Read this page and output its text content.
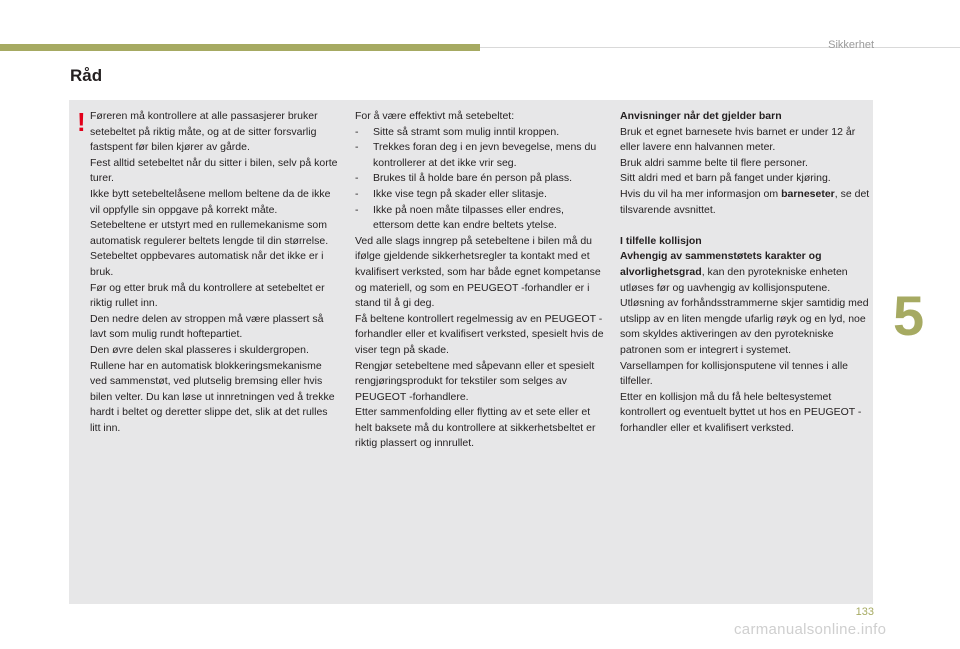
Sikkerhet
Råd
! Føreren må kontrollere at alle passasjerer bruker setebeltet på riktig måte, og at de sitter forsvarlig fastspent før bilen kjører av gårde.

Fest alltid setebeltet når du sitter i bilen, selv på korte turer.

Ikke bytt setebeltelåsene mellom beltene da de ikke vil oppfylle sin oppgave på korrekt måte.

Setebeltene er utstyrt med en rullemekanisme som automatisk regulerer beltets lengde til din størrelse. Setebeltet oppbevares automatisk når det ikke er i bruk.

Før og etter bruk må du kontrollere at setebeltet er riktig rullet inn.

Den nedre delen av stroppen må være plassert så lavt som mulig rundt hoftepartiet.

Den øvre delen skal plasseres i skuldergropen.

Rullene har en automatisk blokkeringsmekanisme ved sammenstøt, ved plutselig bremsing eller hvis bilen velter. Du kan løse ut innretningen ved å trekke hardt i beltet og deretter slippe det, slik at det rulles litt inn.

For å være effektivt må setebeltet:

- Sitte så stramt som mulig inntil kroppen.
- Trekkes foran deg i en jevn bevegelse, mens du kontrollerer at det ikke vrir seg.
- Brukes til å holde bare én person på plass.
- Ikke vise tegn på skader eller slitasje.
- Ikke på noen måte tilpasses eller endres, ettersom dette kan endre beltets ytelse.

Ved alle slags inngrep på setebeltene i bilen må du ifølge gjeldende sikkerhetsregler ta kontakt med et kvalifisert verksted, som har både egnet kompetanse og materiell, og som en PEUGEOT -forhandler er i stand til å gi deg.

Få beltene kontrollert regelmessig av en PEUGEOT -forhandler eller et kvalifisert verksted, spesielt hvis de viser tegn på skade.

Rengjør setebeltene med såpevann eller et spesielt rengjøringsprodukt for tekstiler som selges av PEUGEOT -forhandlere.

Etter sammenfolding eller flytting av et sete eller et helt baksete må du kontrollere at sikkerhetsbeltet er riktig plassert og innrullet.

Anvisninger når det gjelder barn

Bruk et egnet barnesete hvis barnet er under 12 år eller lavere enn halvannen meter.

Bruk aldri samme belte til flere personer.

Sitt aldri med et barn på fanget under kjøring.

Hvis du vil ha mer informasjon om barneseter, se det tilsvarende avsnittet.

I tilfelle kollisjon

Avhengig av sammenstøtets karakter og alvorlighetsgrad, kan den pyrotekniske enheten utløses før og uavhengig av kollisjonsputene. Utløsning av forhåndsstrammerne skjer samtidig med utslipp av en liten mengde ufarlig røyk og en lyd, noe som skyldes aktiveringen av den pyrotekniske patronen som er integrert i systemet.

Varsellampen for kollisjonsputene vil tennes i alle tilfeller.

Etter en kollisjon må du få hele beltesystemet kontrollert og eventuelt byttet ut hos en PEUGEOT -forhandler eller et kvalifisert verksted.

5
133
carmanualsonline.info
